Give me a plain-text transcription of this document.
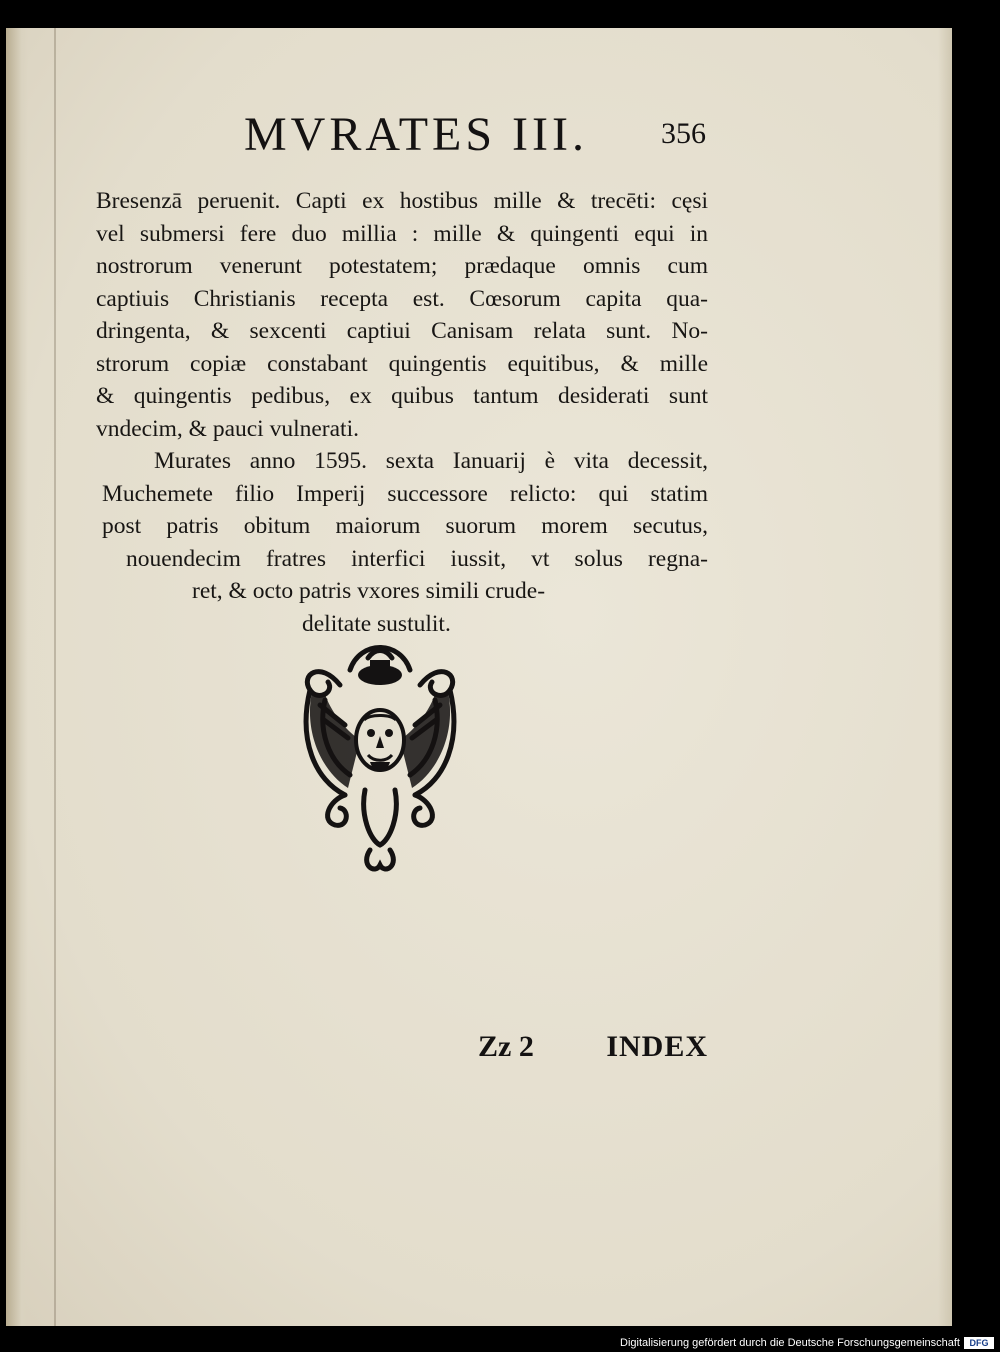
MVRATES III. 356
Bresenzā peruenit. Capti ex hostibus mille & trecēti: cęsi
vel submersi fere duo millia : mille & quingenti equi in
nostrorum venerunt potestatem; prædaque omnis cum
captiuis Christianis recepta est. Cœsorum capita qua-
dringenta, & sexcenti captiui Canisam relata sunt. No-
strorum copiæ constabant quingentis equitibus, & mille
& quingentis pedibus, ex quibus tantum desiderati sunt
vndecim, & pauci vulnerati.
Murates anno 1595. sexta Ianuarij è vita decessit,
Muchemete filio Imperij successore relicto: qui statim
post patris obitum maiorum suorum morem secutus,
nouendecim fratres interfici iussit, vt solus regna-
ret, & octo patris vxores simili crude-
delitate sustulit.
Zz 2 INDEX
Digitalisierung gefördert durch die Deutsche Forschungsgemeinschaft	DFG
